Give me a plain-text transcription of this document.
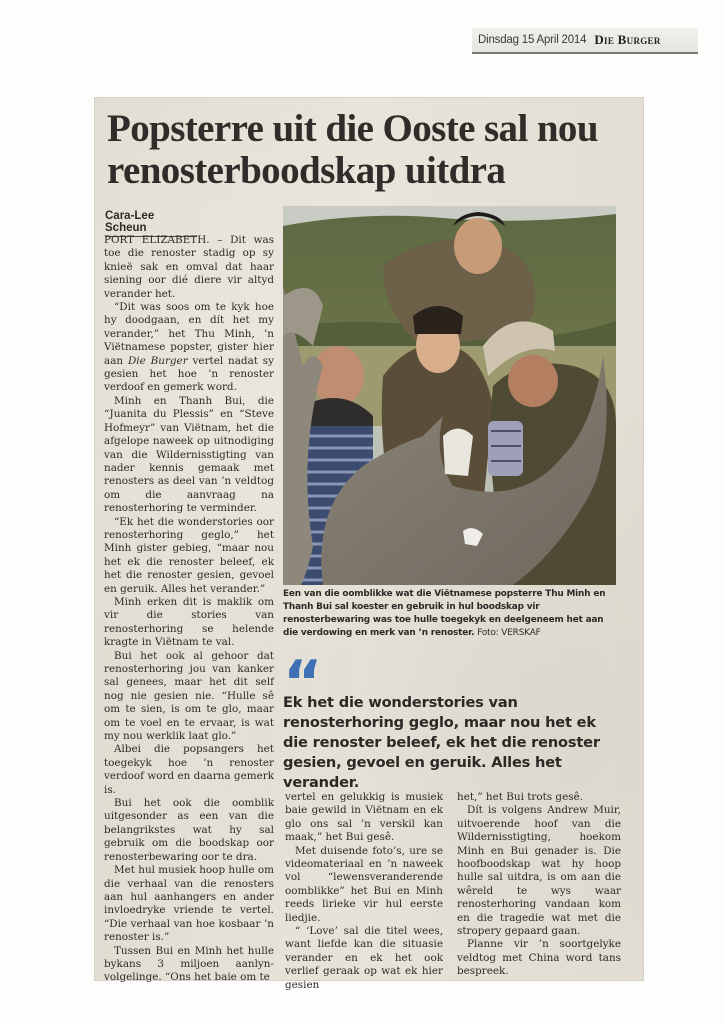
Dinsdag 15 April 2014 Die Burger
Popsterre uit die Ooste sal nou renosterboodskap uitdra
Cara-Lee Scheun

PORT ELIZABETH. – Dit was toe die renoster stadig op sy knieë sak en omval dat haar siening oor dié diere vir altyd verander het.

“Dit was soos om te kyk hoe hy doodgaan, en dít het my verander,” het Thu Minh, ’n Viëtnamese popster, gister hier aan Die Burger vertel nadat sy gesien het hoe ’n renoster verdoof en gemerk word.

Minh en Thanh Bui, die “Juanita du Plessis” en “Steve Hofmeyr” van Viëtnam, het die afgelope naweek op uitnodiging van die Wildernisstigting van nader kennis gemaak met renosters as deel van ’n veldtog om die aanvraag na renosterhoring te verminder.

“Ek het die wonderstories oor renosterhoring geglo,” het Minh gister gebieg, “maar nou het ek die renoster beleef, ek het die renoster gesien, gevoel en geruik. Alles het verander.”

Minh erken dit is maklik om vir die stories van renosterhoring se helende kragte in Viëtnam te val.

Bui het ook al gehoor dat renosterhoring jou van kanker sal genees, maar het dit self nog nie gesien nie. “Hulle sê om te sien, is om te glo, maar om te voel en te ervaar, is wat my nou werklik laat glo.”

Albei die popsangers het toegekyk hoe ’n renoster verdoof word en daarna gemerk is.

Bui het ook die oomblik uitgesonder as een van die belangrikstes wat hy sal gebruik om die boodskap oor renosterbewaring oor te dra.

Met hul musiek hoop hulle om die verhaal van die renosters aan hul aanhangers en ander invloedryke vriende te vertel. “Die verhaal van hoe kosbaar ’n renoster is.”

Tussen Bui en Minh het hulle bykans 3 miljoen aanlyn-volgelinge. “Ons het baie om te

Een van die oomblikke wat die Viëtnamese popsterre Thu Minh en Thanh Bui sal koester en gebruik in hul boodskap vir renosterbewaring was toe hulle toegekyk en deelgeneem het aan die verdowing en merk van ’n renoster. Foto: VERSKAF
“
Ek het die wonderstories van renosterhoring geglo, maar nou het ek die renoster beleef, ek het die renoster gesien, gevoel en geruik. Alles het verander.

vertel en gelukkig is musiek baie gewild in Viëtnam en ek glo ons sal ’n verskil kan maak,” het Bui gesê.

Met duisende foto’s, ure se videomateriaal en ’n naweek vol “lewensveranderende oomblikke” het Bui en Minh reeds lirieke vir hul eerste liedjie.

“ ‘Love’ sal die titel wees, want liefde kan die situasie verander en ek het ook verlief geraak op wat ek hier gesien

het,” het Bui trots gesê.

Dít is volgens Andrew Muir, uitvoerende hoof van die Wildernisstigting, hoekom Minh en Bui genader is. Die hoofboodskap wat hy hoop hulle sal uitdra, is om aan die wêreld te wys waar renosterhoring vandaan kom en die tragedie wat met die stropery gepaard gaan.

Planne vir ’n soortgelyke veldtog met China word tans bespreek.
